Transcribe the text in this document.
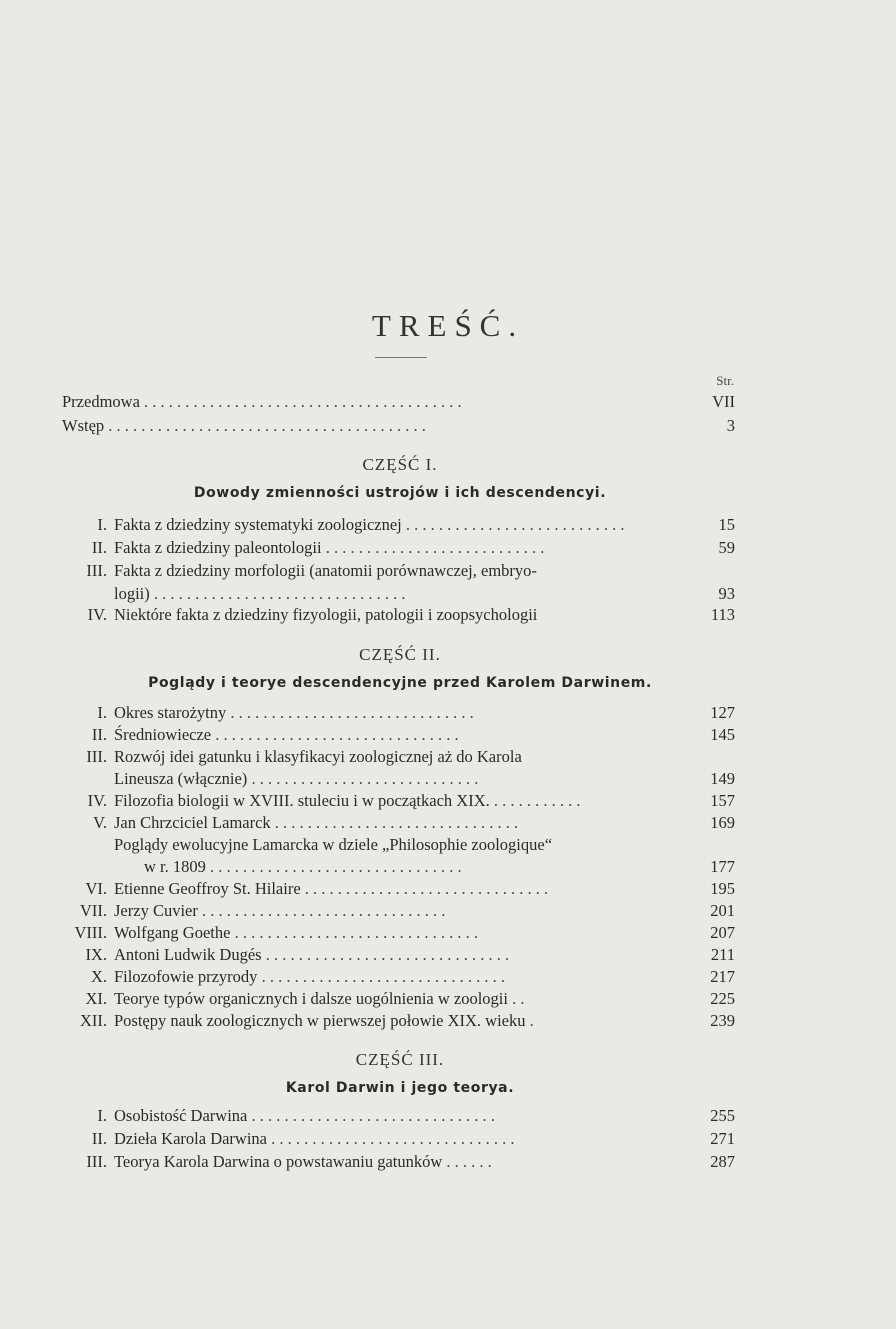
TREŚĆ.
Str.
Przedmowa . . . . . . . . . . . . . . . . . . . . . . . . . . . . . . . . . . . . . . .	VII
Wstęp . . . . . . . . . . . . . . . . . . . . . . . . . . . . . . . . . . . . . . .	3
CZĘŚĆ I.
Dowody zmienności ustrojów i ich descendencyi.
I. Fakta z dziedziny systematyki zoologicznej . . . . . . . . . . . . . . . . . . . . . . . . . . .	15
II. Fakta z dziedziny paleontologii . . . . . . . . . . . . . . . . . . . . . . . . . . .	59
III. Fakta z dziedziny morfologii (anatomii porównawczej, embryo-
logii) . . . . . . . . . . . . . . . . . . . . . . . . . . . . . . .	93
IV. Niektóre fakta z dziedziny fizyologii, patologii i zoopsychologii	113
CZĘŚĆ II.
Poglądy i teorye descendencyjne przed Karolem Darwinem.
I. Okres starożytny . . . . . . . . . . . . . . . . . . . . . . . . . . . . . .	127
II. Średniowiecze . . . . . . . . . . . . . . . . . . . . . . . . . . . . . .	145
III. Rozwój idei gatunku i klasyfikacyi zoologicznej aż do Karola
Lineusza (włącznie) . . . . . . . . . . . . . . . . . . . . . . . . . . . .	149
IV. Filozofia biologii w XVIII. stuleciu i w początkach XIX. . . . . . . . . . . .	157
V. Jan Chrzciciel Lamarck . . . . . . . . . . . . . . . . . . . . . . . . . . . . . .	169
Poglądy ewolucyjne Lamarcka w dziele „Philosophie zoologique“
w r. 1809 . . . . . . . . . . . . . . . . . . . . . . . . . . . . . . .	177
VI. Etienne Geoffroy St. Hilaire . . . . . . . . . . . . . . . . . . . . . . . . . . . . . .	195
VII. Jerzy Cuvier . . . . . . . . . . . . . . . . . . . . . . . . . . . . . .	201
VIII. Wolfgang Goethe . . . . . . . . . . . . . . . . . . . . . . . . . . . . . .	207
IX. Antoni Ludwik Dugés . . . . . . . . . . . . . . . . . . . . . . . . . . . . . .	211
X. Filozofowie przyrody . . . . . . . . . . . . . . . . . . . . . . . . . . . . . .	217
XI. Teorye typów organicznych i dalsze uogólnienia w zoologii . .	225
XII. Postępy nauk zoologicznych w pierwszej połowie XIX. wieku .	239
CZĘŚĆ III.
Karol Darwin i jego teorya.
I. Osobistość Darwina . . . . . . . . . . . . . . . . . . . . . . . . . . . . . .	255
II. Dzieła Karola Darwina . . . . . . . . . . . . . . . . . . . . . . . . . . . . . .	271
III. Teorya Karola Darwina o powstawaniu gatunków . . . . . .	287
